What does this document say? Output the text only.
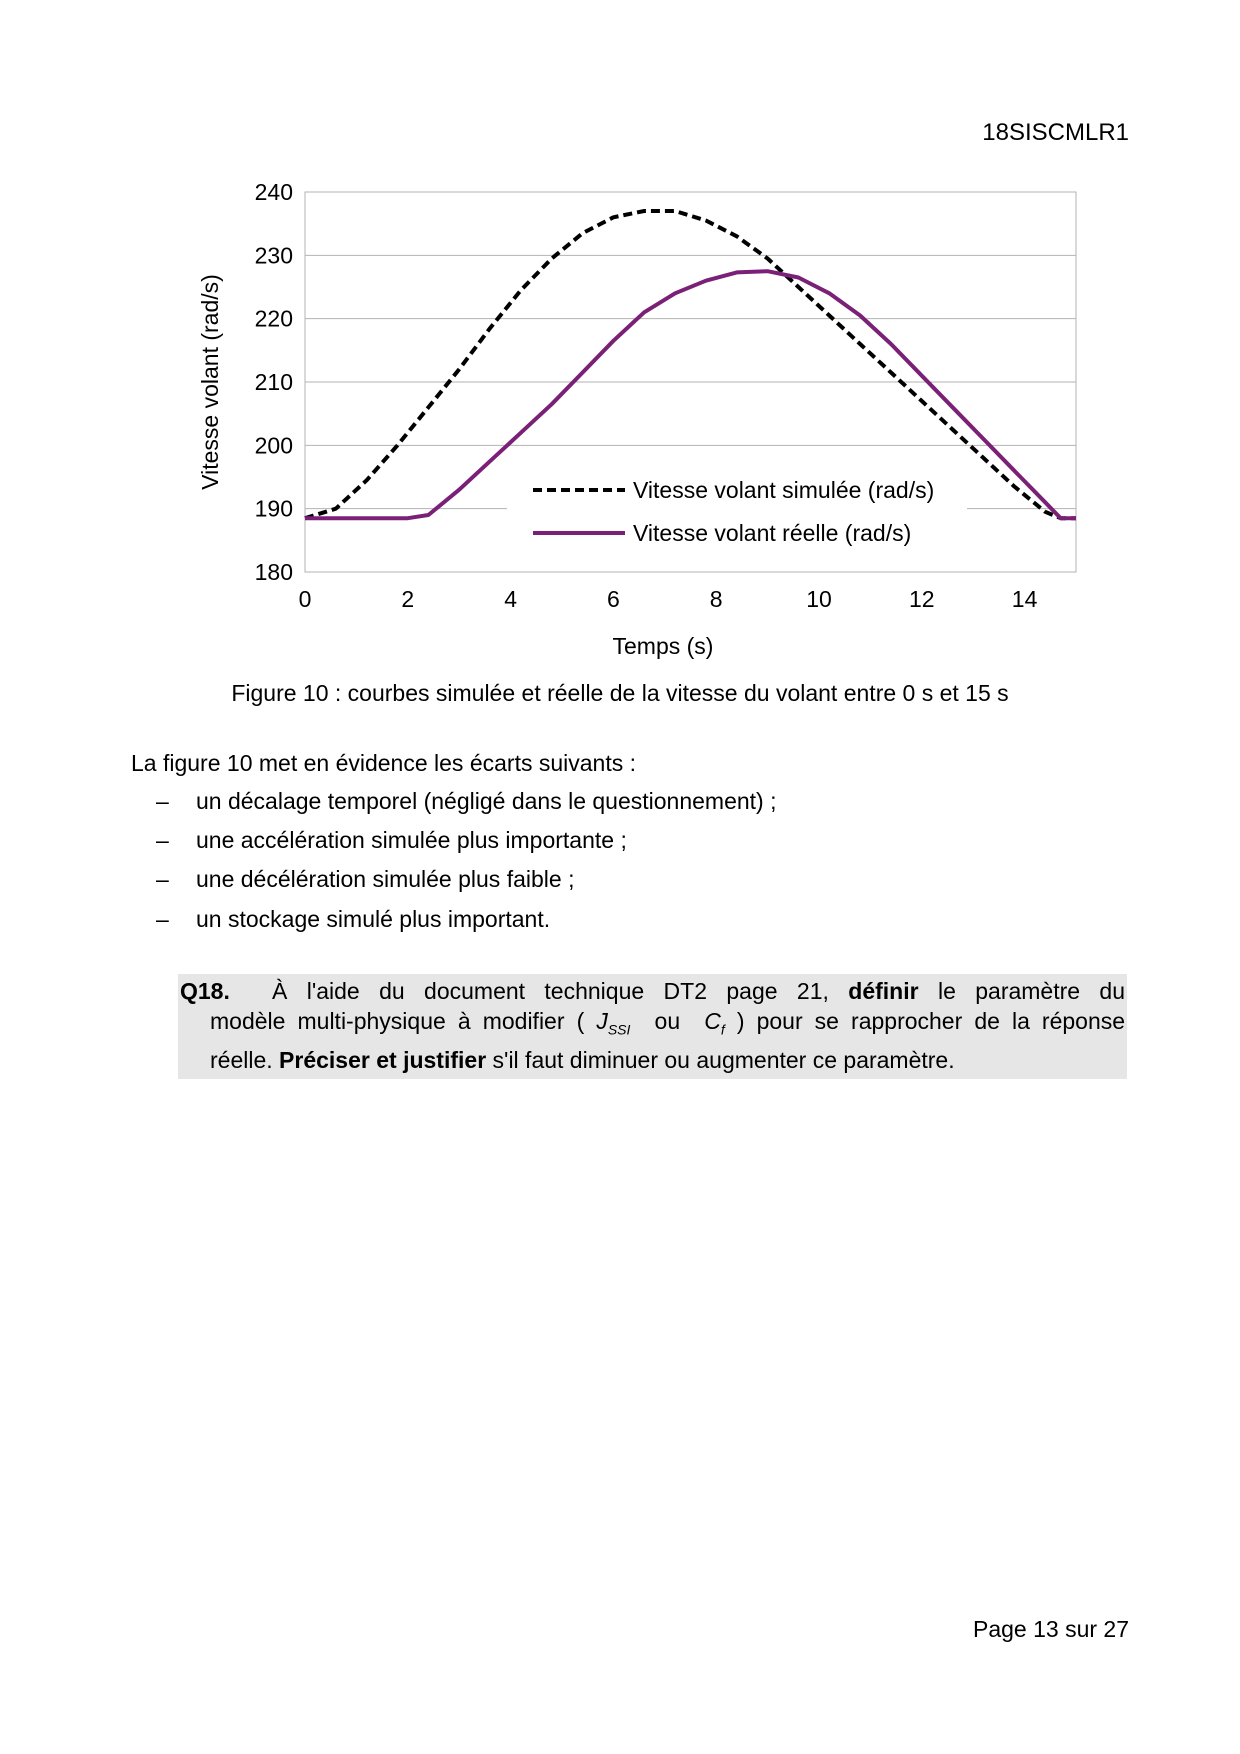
18SISCMLR1
180
190
200
210
220
230
240
0	2	4	6	8	10	12	14
Vitesse volant simulée (rad/s)
Vitesse volant réelle (rad/s)
Temps (s)
Vitesse volant (rad/s)
Figure 10 : courbes simulée et réelle de la vitesse du volant entre 0 s et 15 s
La figure 10 met en évidence les écarts suivants :
–	un décalage temporel (négligé dans le questionnement) ;
–	une accélération simulée plus importante ;
–	une décélération simulée plus faible ;
–	un stockage simulé plus important.
Q18.	À l'aide du document technique DT2 page 21, définir le paramètre du
modèle multi-physique à modifier ( $J_{SSI}$ ou $C_f$ ) pour se rapprocher de la réponse
réelle. Préciser et justifier s'il faut diminuer ou augmenter ce paramètre.
Page 13 sur 27
